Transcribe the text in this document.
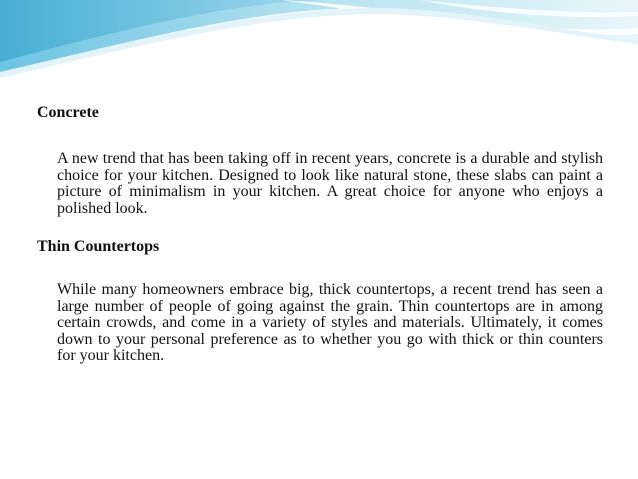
Concrete

A new trend that has been taking off in recent years, concrete is a durable and stylish choice for your kitchen. Designed to look like natural stone, these slabs can paint a picture of minimalism in your kitchen. A great choice for anyone who enjoys a polished look.

Thin Countertops

While many homeowners embrace big, thick countertops, a recent trend has seen a large number of people of going against the grain. Thin countertops are in among certain crowds, and come in a variety of styles and materials. Ultimately, it comes down to your personal preference as to whether you go with thick or thin counters for your kitchen.
